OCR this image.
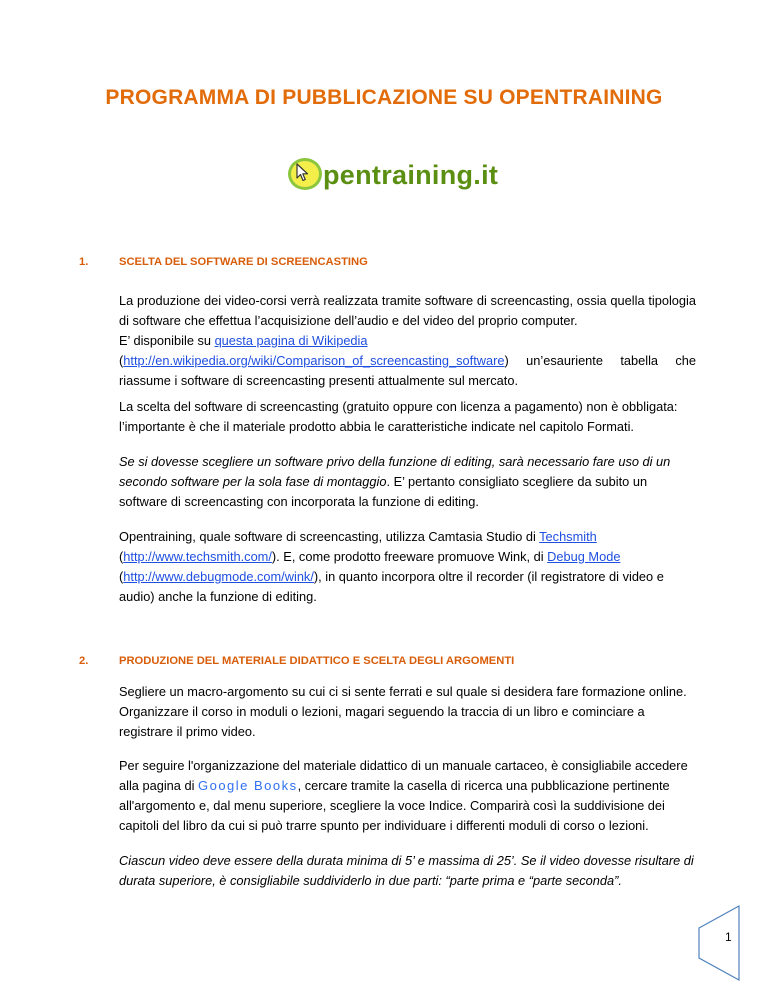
PROGRAMMA DI PUBBLICAZIONE SU OPENTRAINING
pentraining.it
1.	SCELTA DEL SOFTWARE DI SCREENCASTING

La produzione dei video-corsi verrà realizzata tramite software di screencasting, ossia quella tipologia di software che effettua l’acquisizione dell’audio e del video del proprio computer.
E’ disponibile su questa pagina di Wikipedia
(http://en.wikipedia.org/wiki/Comparison_of_screencasting_software) un’esauriente tabella che riassume i software di screencasting presenti attualmente sul mercato.

La scelta del software di screencasting (gratuito oppure con licenza a pagamento) non è obbligata: l’importante è che il materiale prodotto abbia le caratteristiche indicate nel capitolo Formati.

Se si dovesse scegliere un software privo della funzione di editing, sarà necessario fare uso di un secondo software per la sola fase di montaggio. E’ pertanto consigliato scegliere da subito un software di screencasting con incorporata la funzione di editing.

Opentraining, quale software di screencasting, utilizza Camtasia Studio di Techsmith
(http://www.techsmith.com/). E, come prodotto freeware promuove Wink, di Debug Mode
(http://www.debugmode.com/wink/), in quanto incorpora oltre il recorder (il registratore di video e audio) anche la funzione di editing.

2.	PRODUZIONE DEL MATERIALE DIDATTICO E SCELTA DEGLI ARGOMENTI

Segliere un macro-argomento su cui ci si sente ferrati e sul quale si desidera fare formazione online. Organizzare il corso in moduli o lezioni, magari seguendo la traccia di un libro e cominciare a registrare il primo video.

Per seguire l'organizzazione del materiale didattico di un manuale cartaceo, è consigliabile accedere alla pagina di Google Books, cercare tramite la casella di ricerca una pubblicazione pertinente all'argomento e, dal menu superiore, scegliere la voce Indice. Comparirà così la suddivisione dei capitoli del libro da cui si può trarre spunto per individuare i differenti moduli di corso o lezioni.

Ciascun video deve essere della durata minima di 5’ e massima di 25’. Se il video dovesse risultare di durata superiore, è consigliabile suddividerlo in due parti: “parte prima e “parte seconda”.

1
